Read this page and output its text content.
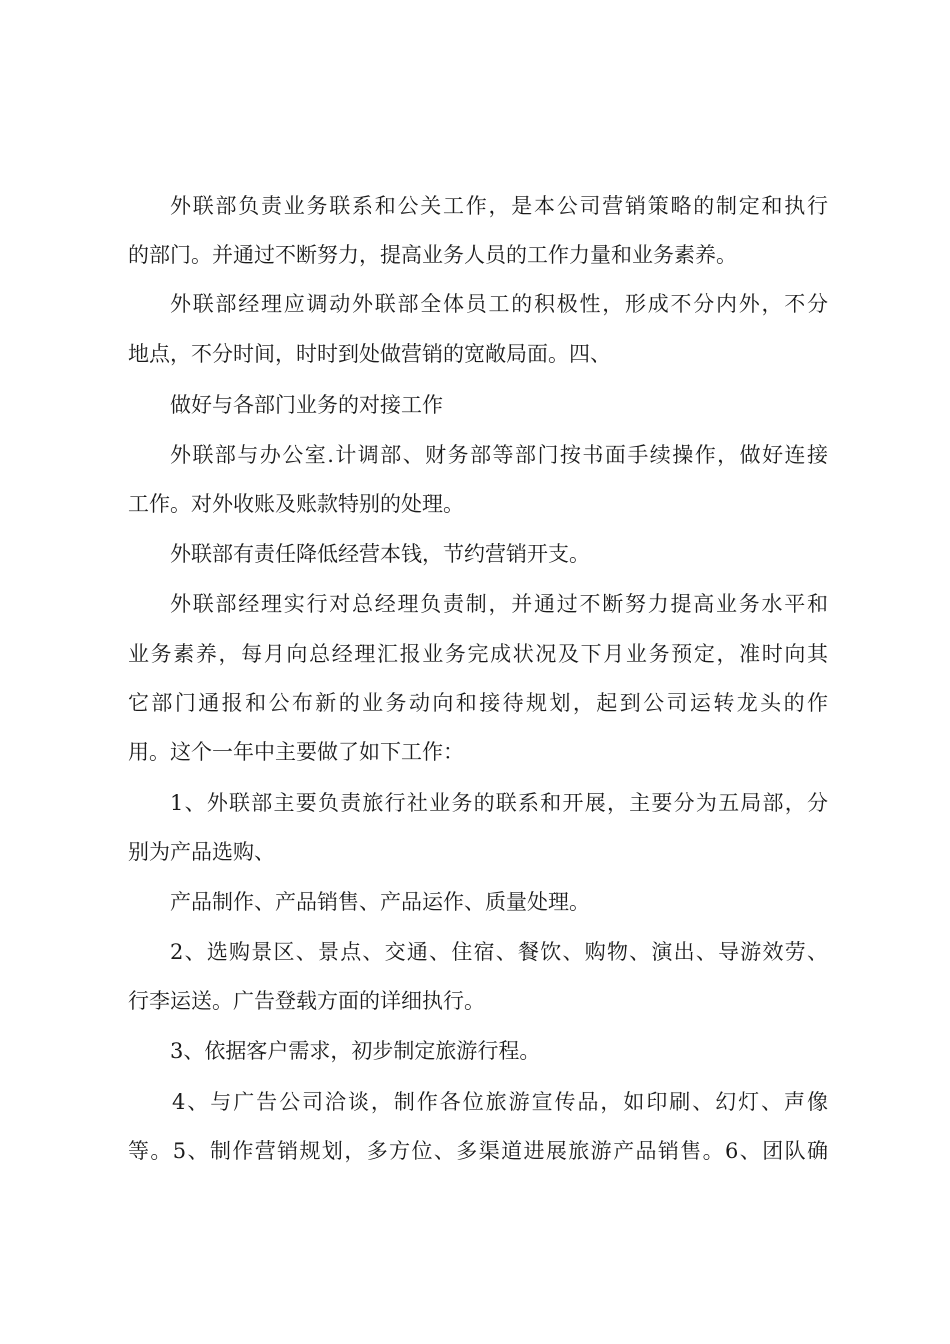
外联部负责业务联系和公关工作，是本公司营销策略的制定和执行
的部门。并通过不断努力，提高业务人员的工作力量和业务素养。
外联部经理应调动外联部全体员工的积极性，形成不分内外，不分
地点，不分时间，时时到处做营销的宽敞局面。四、
做好与各部门业务的对接工作
外联部与办公室.计调部、财务部等部门按书面手续操作，做好连接
工作。对外收账及账款特别的处理。
外联部有责任降低经营本钱，节约营销开支。
外联部经理实行对总经理负责制，并通过不断努力提高业务水平和
业务素养，每月向总经理汇报业务完成状况及下月业务预定，准时向其
它部门通报和公布新的业务动向和接待规划，起到公司运转龙头的作
用。这个一年中主要做了如下工作：
1、外联部主要负责旅行社业务的联系和开展，主要分为五局部，分
别为产品选购、
产品制作、产品销售、产品运作、质量处理。
2、选购景区、景点、交通、住宿、餐饮、购物、演出、导游效劳、
行李运送。广告登载方面的详细执行。
3、依据客户需求，初步制定旅游行程。
4、与广告公司洽谈，制作各位旅游宣传品，如印刷、幻灯、声像
等。5、制作营销规划，多方位、多渠道进展旅游产品销售。6、团队确
